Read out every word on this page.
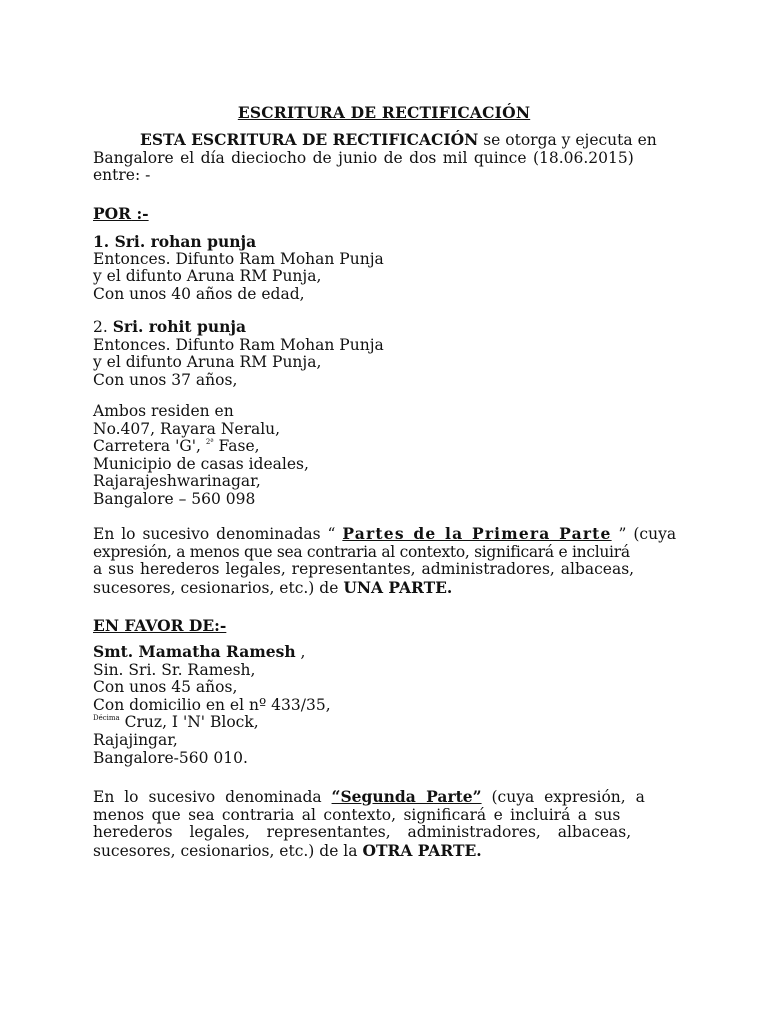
ESCRITURA DE RECTIFICACIÓN
ESTA ESCRITURA DE RECTIFICACIÓN se otorga y ejecuta en
Bangalore el día dieciocho de junio de dos mil quince (18.06.2015)
entre: -
POR :-
1. Sri. rohan punja
Entonces. Difunto Ram Mohan Punja
y el difunto Aruna RM Punja,
Con unos 40 años de edad,
2. Sri. rohit punja
Entonces. Difunto Ram Mohan Punja
y el difunto Aruna RM Punja,
Con unos 37 años,
Ambos residen en
No.407, Rayara Neralu,
Carretera 'G', $^{2ª}$ Fase,
Municipio de casas ideales,
Rajarajeshwarinagar,
Bangalore – 560 098
En lo sucesivo denominadas “ Partes de la Primera Parte ” (cuya
expresión, a menos que sea contraria al contexto, significará e incluirá
a sus herederos legales, representantes, administradores, albaceas,
sucesores, cesionarios, etc.) de UNA PARTE.
EN FAVOR DE:-
Smt. Mamatha Ramesh ,
Sin. Sri. Sr. Ramesh,
Con unos 45 años,
Con domicilio en el nº 433/35,
$^{Décima}$ Cruz, I 'N' Block,
Rajajingar,
Bangalore-560 010.
En lo sucesivo denominada “Segunda Parte” (cuya expresión, a
menos que sea contraria al contexto, significará e incluirá a sus
herederos legales, representantes, administradores, albaceas,
sucesores, cesionarios, etc.) de la OTRA PARTE.
